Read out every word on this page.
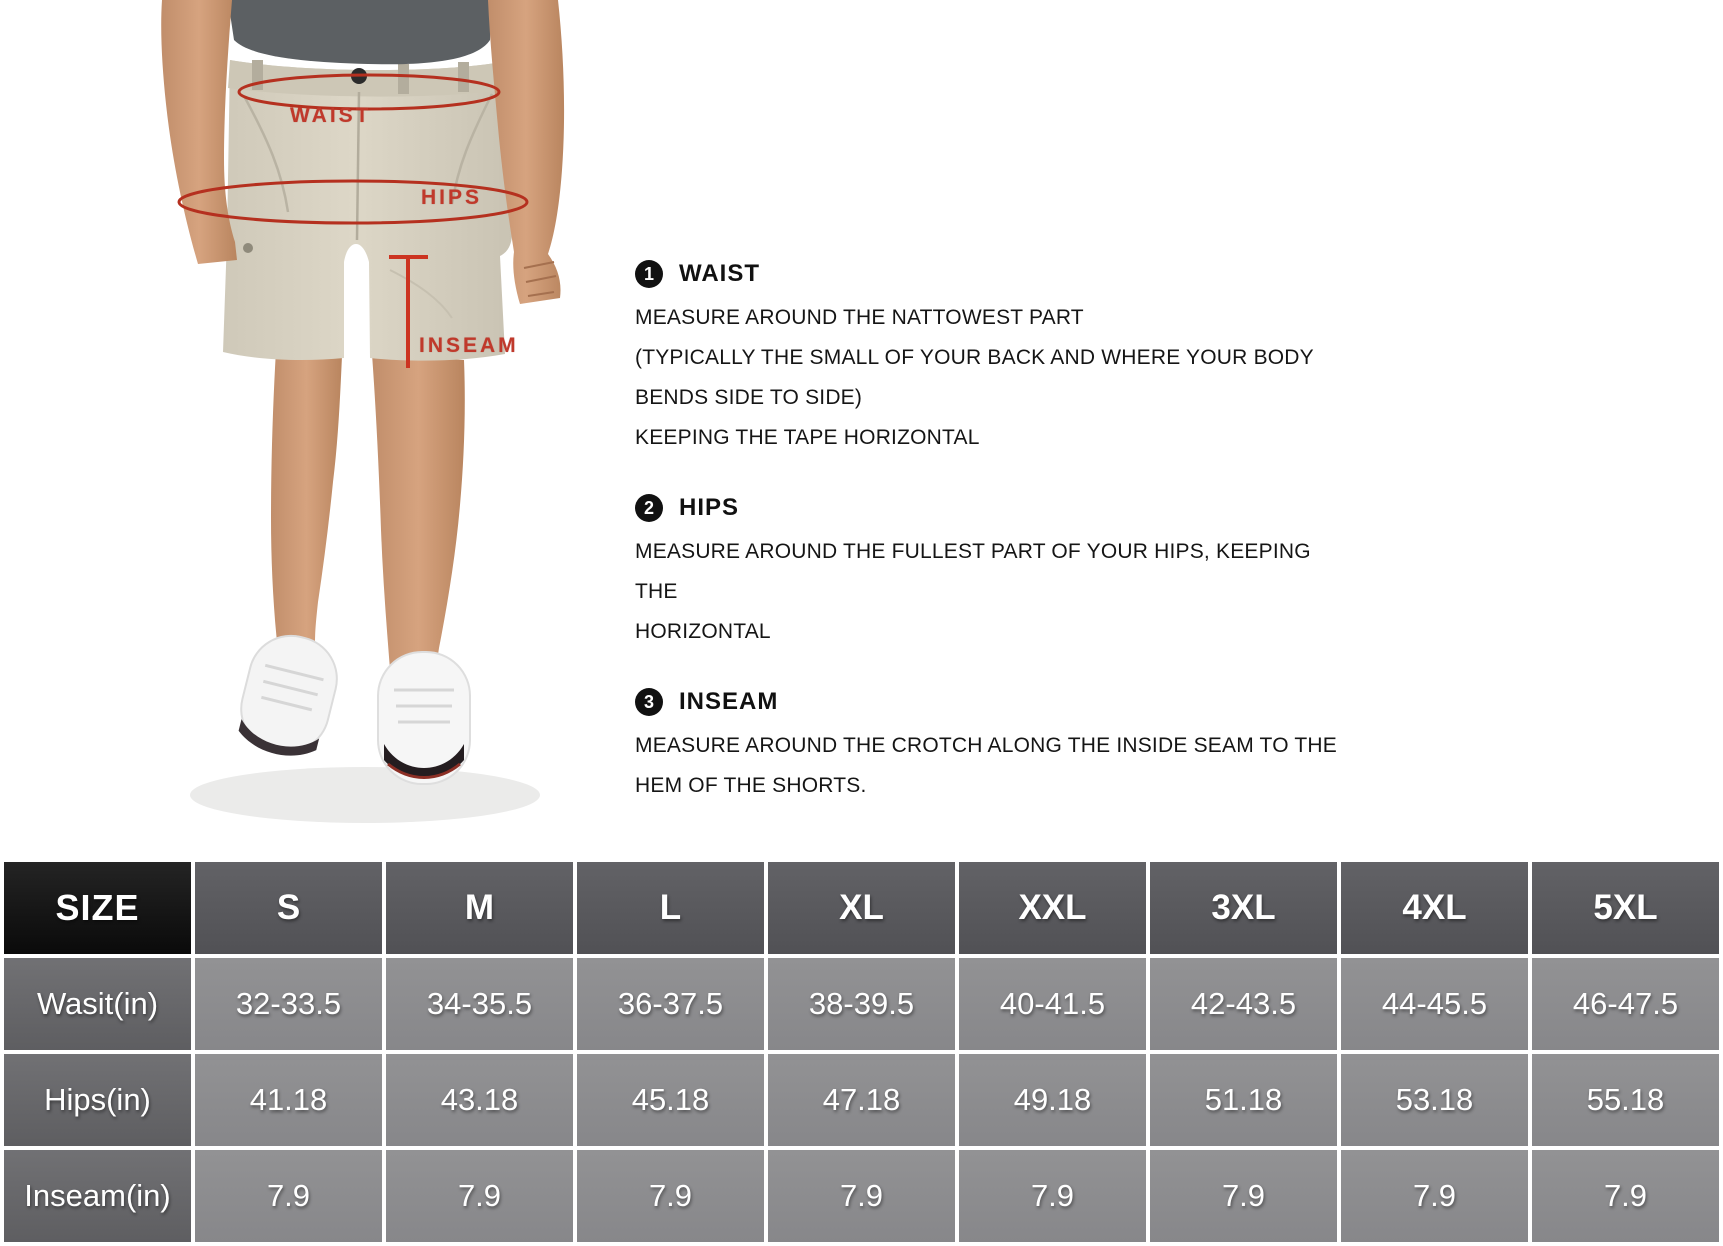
WAIST
HIPS
INSEAM
1	WAIST

MEASURE AROUND THE NATTOWEST PART

(TYPICALLY THE SMALL OF YOUR BACK AND WHERE YOUR BODY

BENDS SIDE TO SIDE)

KEEPING THE TAPE HORIZONTAL

2	HIPS

MEASURE AROUND THE FULLEST PART OF YOUR HIPS, KEEPING THE

HORIZONTAL

3	INSEAM

MEASURE AROUND THE CROTCH ALONG THE INSIDE SEAM TO THE

HEM OF THE SHORTS.

SIZE	S	M	L	XL	XXL	3XL	4XL	5XL
Wasit(in)	32-33.5	34-35.5	36-37.5	38-39.5	40-41.5	42-43.5	44-45.5	46-47.5
Hips(in)	41.18	43.18	45.18	47.18	49.18	51.18	53.18	55.18
Inseam(in)	7.9	7.9	7.9	7.9	7.9	7.9	7.9	7.9
